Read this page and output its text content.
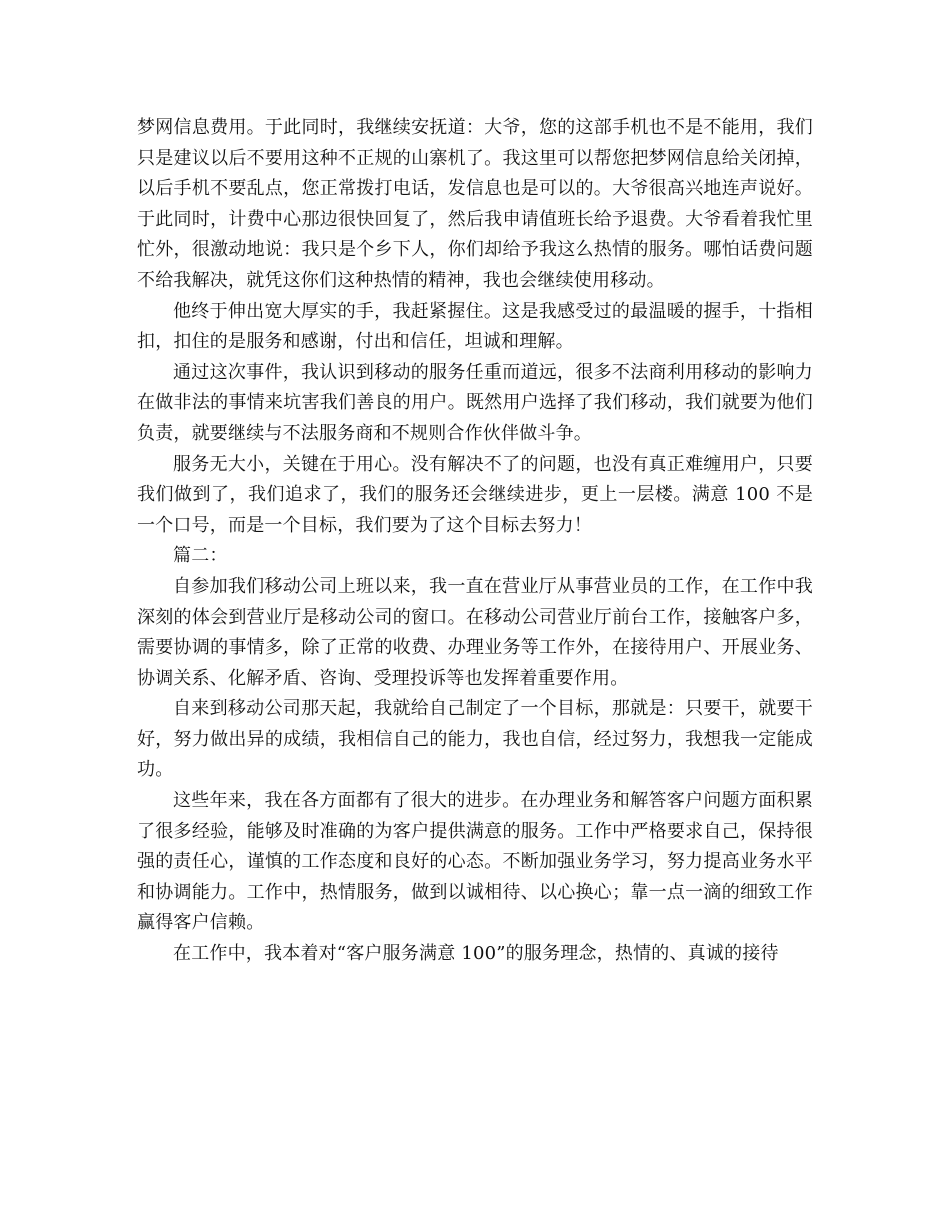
梦网信息费用。于此同时，我继续安抚道：大爷，您的这部手机也不是不能用，我们只是建议以后不要用这种不正规的山寨机了。我这里可以帮您把梦网信息给关闭掉，以后手机不要乱点，您正常拨打电话，发信息也是可以的。大爷很高兴地连声说好。于此同时，计费中心那边很快回复了，然后我申请值班长给予退费。大爷看着我忙里忙外，很激动地说：我只是个乡下人，你们却给予我这么热情的服务。哪怕话费问题不给我解决，就凭这你们这种热情的精神，我也会继续使用移动。

他终于伸出宽大厚实的手，我赶紧握住。这是我感受过的最温暖的握手，十指相扣，扣住的是服务和感谢，付出和信任，坦诚和理解。

通过这次事件，我认识到移动的服务任重而道远，很多不法商利用移动的影响力在做非法的事情来坑害我们善良的用户。既然用户选择了我们移动，我们就要为他们负责，就要继续与不法服务商和不规则合作伙伴做斗争。

服务无大小，关键在于用心。没有解决不了的问题，也没有真正难缠用户，只要我们做到了，我们追求了，我们的服务还会继续进步，更上一层楼。满意 100 不是一个口号，而是一个目标，我们要为了这个目标去努力！

篇二：

自参加我们移动公司上班以来，我一直在营业厅从事营业员的工作，在工作中我深刻的体会到营业厅是移动公司的窗口。在移动公司营业厅前台工作，接触客户多，需要协调的事情多，除了正常的收费、办理业务等工作外，在接待用户、开展业务、协调关系、化解矛盾、咨询、受理投诉等也发挥着重要作用。

自来到移动公司那天起，我就给自己制定了一个目标，那就是：只要干，就要干好，努力做出异的成绩，我相信自己的能力，我也自信，经过努力，我想我一定能成功。

这些年来，我在各方面都有了很大的进步。在办理业务和解答客户问题方面积累了很多经验，能够及时准确的为客户提供满意的服务。工作中严格要求自己，保持很强的责任心，谨慎的工作态度和良好的心态。不断加强业务学习，努力提高业务水平和协调能力。工作中，热情服务，做到以诚相待、以心换心；靠一点一滴的细致工作赢得客户信赖。

在工作中，我本着对“客户服务满意 100”的服务理念，热情的、真诚的接待
